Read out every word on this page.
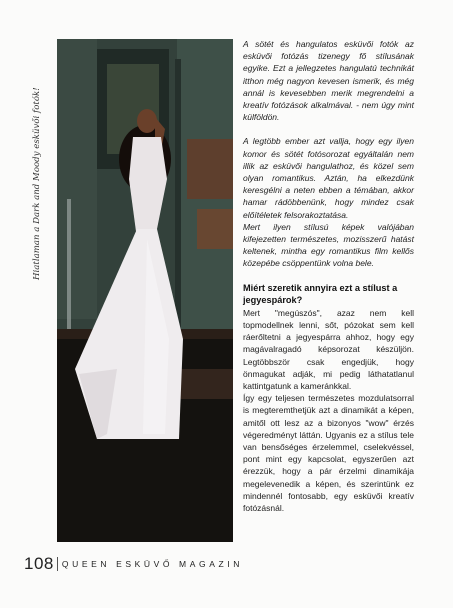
Hiatlaman a Dark and Moody esküvői fotók!

A sötét és hangulatos esküvői fotók az esküvői fotózás tizenegy fő stílusának egyike. Ezt a jellegzetes hangulatú technikát itthon még nagyon kevesen ismerik, és még annál is kevesebben merik megrendelni a kreatív fotózások alkalmával. - nem úgy mint külföldön.

A legtöbb ember azt vallja, hogy egy ilyen komor és sötét fotósorozat egyáltalán nem illik az esküvői hangulathoz, és közel sem olyan romantikus. Aztán, ha elkezdünk keresgélni a neten ebben a témában, akkor hamar rádöbbenünk, hogy mindez csak előítéletek felsorakoztatása.

Mert ilyen stílusú képek valójában kifejezetten természetes, mozisszerű hatást keltenek, mintha egy romantikus film kellős közepébe csöppentünk volna bele.

Miért szeretik annyira ezt a stílust a jegyespárok?

Mert "megúszós", azaz nem kell topmodellnek lenni, sőt, pózokat sem kell ráerőltetni a jegyespárra ahhoz, hogy egy magávalragadó képsorozat készüljön. Legtöbbször csak engedjük, hogy önmagukat adják, mi pedig láthatatlanul kattintgatunk a kameránkkal.

Így egy teljesen természetes mozdulatsorral is megteremthetjük azt a dinamikát a képen, amitől ott lesz az a bizonyos "wow" érzés végeredményt láttán. Ugyanis ez a stílus tele van bensőséges érzelemmel, cselekvéssel, pont mint egy kapcsolat, egyszerűen azt érezzük, hogy a pár érzelmi dinamikája megelevenedik a képen, és szerintünk ez mindennél fontosabb, egy esküvői kreatív fotózásnál.

108 QUEEN ESKÜVŐ MAGAZIN
